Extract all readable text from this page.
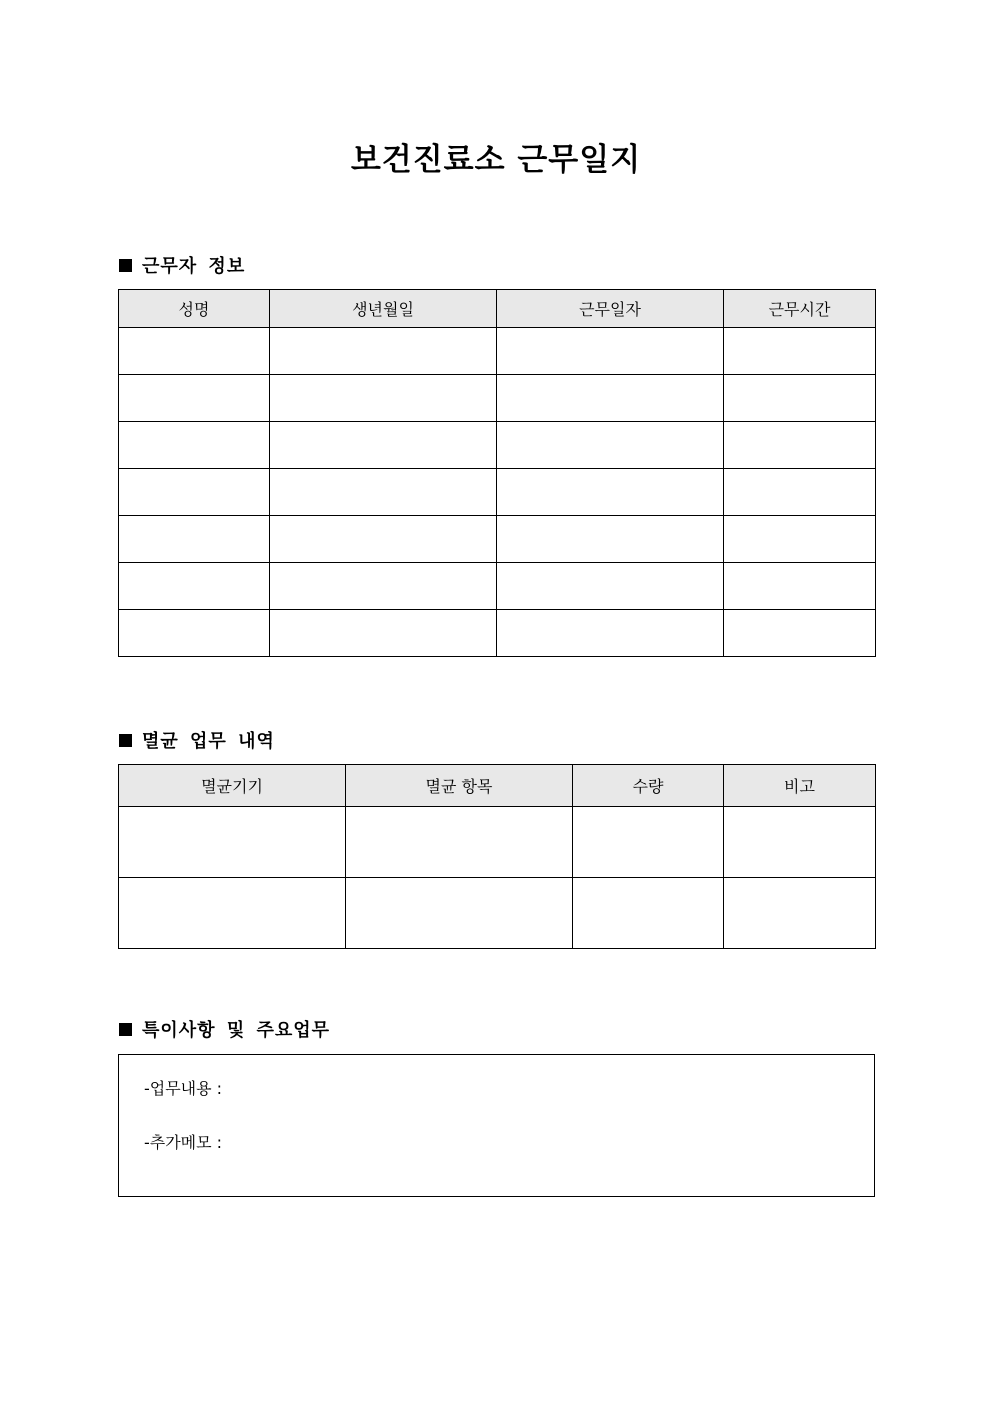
보건진료소 근무일지
근무자 정보
성명	생년월일	근무일자	근무시간

멸균 업무 내역
멸균기기	멸균 항목	수량	비고

특이사항 및 주요업무
-업무내용 :
-추가메모 :
